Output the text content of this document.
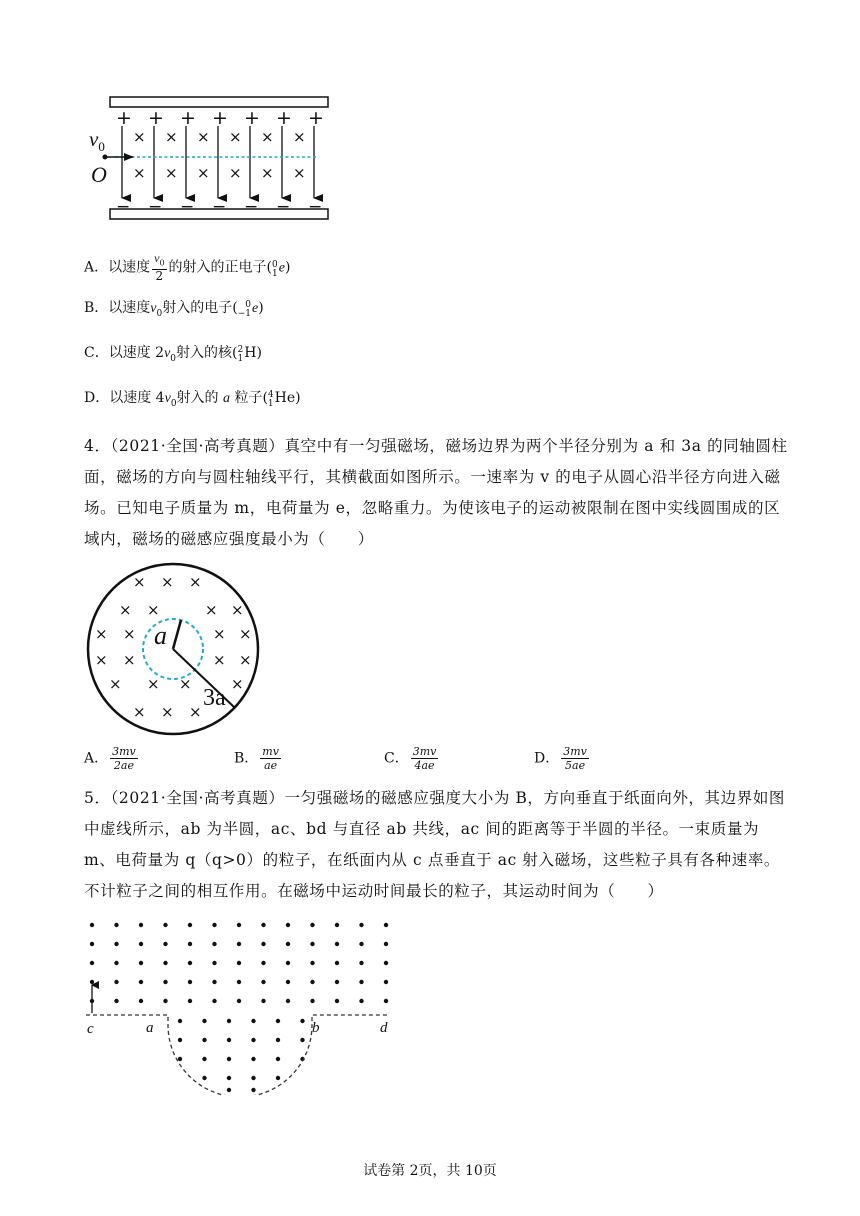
+
−
+
−
+
−
+
−
+
−
+
−
+
−
× × × × × ×
× × × × × ×
$v_0$
O
A．以速度 $\frac{v_0}{2}$ 的射入的正电子( 0
1 e)
B．以速度$v_0$射入的电子( 0
−1 e)
C．以速度 $2v_0$射入的核( 2
1 H)
D．以速度 $4v_0$射入的 a 粒子( 4
1 He)
4．（2021·全国·高考真题）真空中有一匀强磁场，磁场边界为两个半径分别为 a 和 3a 的同轴圆柱面，磁场的方向与圆柱轴线平行，其横截面如图所示。一速率为 v 的电子从圆心沿半径方向进入磁场。已知电子质量为 m，电荷量为 e，忽略重力。为使该电子的运动被限制在图中实线圆围成的区域内，磁场的磁感应强度最小为（　　）
× × ×
× ×	× ×
× ×	× ×
× ×	× ×
× × ×	×
× × ×
a
3a
A． $\frac{3mv}{2ae}$	B． $\frac{mv}{ae}$	C． $\frac{3mv}{4ae}$	D． $\frac{3mv}{5ae}$
5．（2021·全国·高考真题）一匀强磁场的磁感应强度大小为 B，方向垂直于纸面向外，其边界如图中虚线所示，ab 为半圆，ac、bd 与直径 ab 共线，ac 间的距离等于半圆的半径。一束质量为 m、电荷量为 q（q>0）的粒子，在纸面内从 c 点垂直于 ac 射入磁场，这些粒子具有各种速率。不计粒子之间的相互作用。在磁场中运动时间最长的粒子，其运动时间为（　　）
c	a	b	d
试卷第 2页，共 10页
